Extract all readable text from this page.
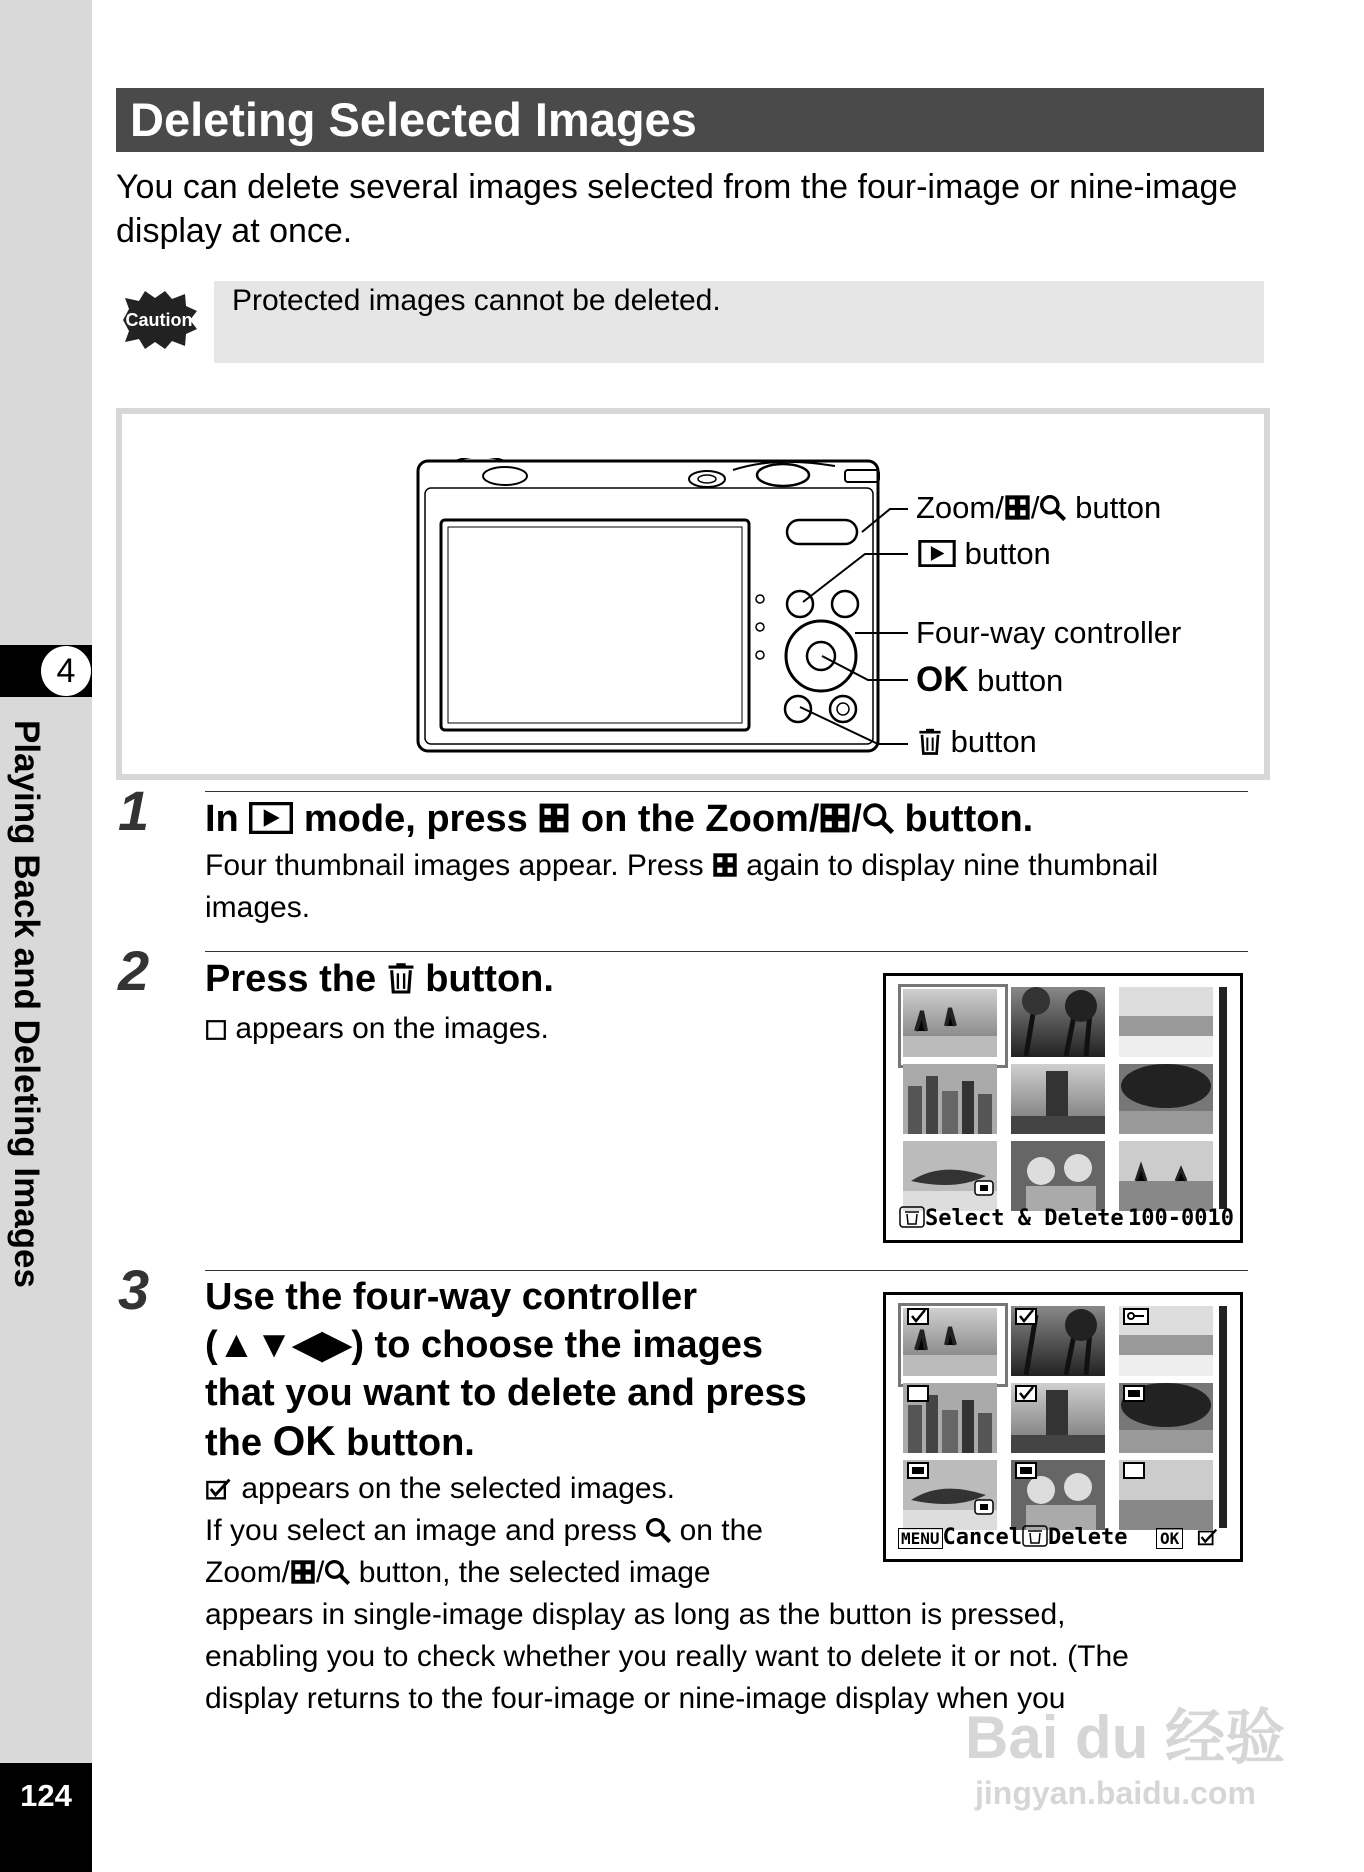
4
Playing Back and Deleting Images
124
Deleting Selected Images
You can delete several images selected from the four-image or nine-image display at once.
Caution
Protected images cannot be deleted.
Zoom/ / button
button
Four-way controller
OK button
button
1 In  mode, press  on the Zoom/ / button.
Four thumbnail images appear. Press  again to display nine thumbnail images.
2 Press the  button.
appears on the images.
Select & Delete 100-0010
3 Use the four-way controller
(▲▼◀▶) to choose the images
that you want to delete and press
the OK button.
appears on the selected images.
If you select an image and press  on the
Zoom/ / button, the selected image
appears in single-image display as long as the button is pressed,
enabling you to check whether you really want to delete it or not. (The
display returns to the four-image or nine-image display when you
MENU Cancel Delete OK
Bai du 经验
jingyan.baidu.com
